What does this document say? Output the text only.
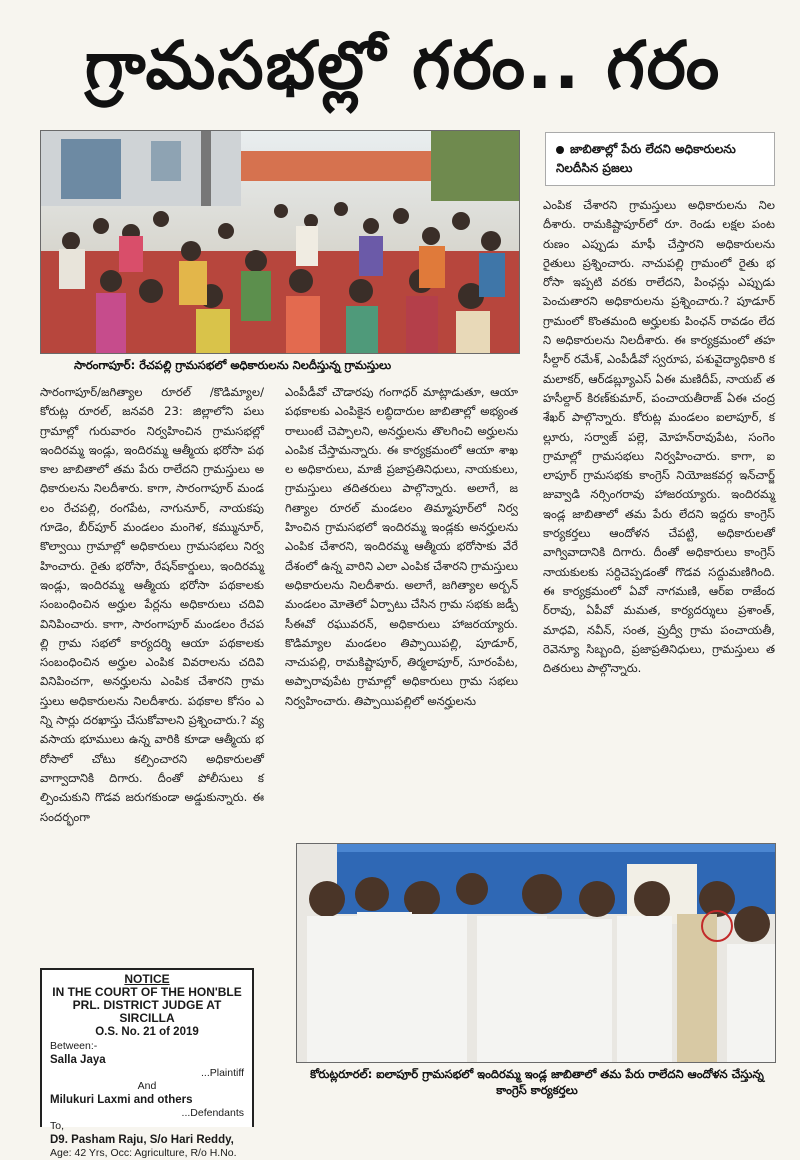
గ్రామసభల్లో గరం.. గరం
సారంగాపూర్: రేచపల్లి గ్రామసభలో అధికారులను నిలదీస్తున్న గ్రామస్తులు
జాబితాల్లో పేరు లేదని అధికారులను నిలదీసిన ప్రజలు
సారంగాపూర్/జగిత్యాల రూరల్ /కొడిమ్యాల/ కోరుట్ల రూరల్, జనవరి 23: జిల్లాలోని పలు గ్రామాల్లో గురువారం నిర్వహించిన గ్రామసభల్లో ఇందిరమ్మ ఇండ్లు, ఇందిరమ్మ ఆత్మీయ భరోసా పథకాల జాబితాలో తమ పేరు రాలేదని గ్రామస్తులు అధికారులను నిలదీశారు. కాగా, సారంగాపూర్ మండలం రేచపల్లి, రంగపేట, నాగునూర్, నాయకపు గూడెం, బీర్‌పూర్ మండలం మంగెళ, కమ్మునూర్, కొల్వాయి గ్రామాల్లో అధికారులు గ్రామసభలు నిర్వహించారు. రైతు భరోసా, రేషన్‌కార్డులు, ఇందిరమ్మ ఇండ్లు, ఇందిరమ్మ ఆత్మీయ భరోసా పథకాలకు సంబంధించిన అర్హుల పేర్లను అధికారులు చదివి వినిపించారు. కాగా, సారంగాపూర్ మండలం రేచపల్లి గ్రామ సభలో కార్యదర్శి ఆయా పథకాలకు సంబంధించిన అర్హుల ఎంపిక వివరాలను చదివి వినిపించగా, అనర్హులను ఎంపిక చేశారని గ్రామస్తులు అధికారులను నిలదీశారు. పథకాల కోసం ఎన్ని సార్లు దరఖాస్తు చేసుకోవాలని ప్రశ్నించారు.? వ్యవసాయ భూములు ఉన్న వారికి కూడా ఆత్మీయ భరోసాలో చోటు కల్పించారని అధికారులతో వాగ్వాదానికి దిగారు. దీంతో పోలీసులు కల్పించుకుని గొడవ జరుగకుండా అడ్డుకున్నారు. ఈ సందర్భంగా
ఎంపీడీవో చౌడారపు గంగాధర్ మాట్లాడుతూ, ఆయా పథకాలకు ఎంపికైన లబ్ధిదారుల జాబితాల్లో అభ్యంతరాలుంటే చెప్పాలని, అనర్హులను తొలగించి అర్హులను ఎంపిక చేస్తామన్నారు. ఈ కార్యక్రమంలో ఆయా శాఖల అధికారులు, మాజీ ప్రజాప్రతినిధులు, నాయకులు, గ్రామస్తులు తదితరులు పాల్గొన్నారు. అలాగే, జగిత్యాల రూరల్ మండలం తిమ్మాపూర్‌లో నిర్వహించిన గ్రామసభలో ఇందిరమ్మ ఇండ్లకు అనర్హులను ఎంపిక చేశారని, ఇందిరమ్మ ఆత్మీయ భరోసాకు వేరే దేశంలో ఉన్న వారిని ఎలా ఎంపిక చేశారని గ్రామస్తులు అధికారులను నిలదీశారు. అలాగే, జగిత్యాల అర్బన్ మండలం మోతెలో ఏర్పాటు చేసిన గ్రామ సభకు జడ్పీ సీఈవో రఘువరన్, అధికారులు హాజరయ్యారు. కొడిమ్యాల మండలం తిప్పాయిపల్లి, పూడూర్, నాచుపల్లి, రామకిష్టాపూర్, తిర్మలాపూర్, సూరంపేట, అప్పారావుపేట గ్రామాల్లో అధికారులు గ్రామ సభలు నిర్వహించారు. తిప్పాయిపల్లిలో అనర్హులను
ఎంపిక చేశారని గ్రామస్తులు అధికారులను నిలదీశారు. రామకిష్టాపూర్‌లో రూ. రెండు లక్షల పంట రుణం ఎప్పుడు మాఫీ చేస్తారని అధికారులను రైతులు ప్రశ్నించారు. నాచుపల్లి గ్రామంలో రైతు భరోసా ఇప్పటి వరకు రాలేదని, పింఛన్లు ఎప్పుడు పెంచుతారని అధికారులను ప్రశ్నించారు.? పూడూర్ గ్రామంలో కొంతమంది అర్హులకు పింఛన్ రావడం లేదని అధికారులను నిలదీశారు. ఈ కార్యక్రమంలో తహసీల్దార్ రమేశ్, ఎంపీడీవో స్వరూప, పశువైద్యాధికారి కమలాకర్, ఆర్‌డబ్ల్యూఎస్ ఏఈ మణిదీప్, నాయబ్ తహసీల్దార్ కిరణ్‌కుమార్, పంచాయతీరాజ్ ఏఈ చంద్రశేఖర్ పాల్గొన్నారు. కోరుట్ల మండలం ఐలాపూర్, కల్లూరు, సర్వాజ్ పల్లె, మోహన్‌రావుపేట, సంగెం గ్రామాల్లో గ్రామసభలు నిర్వహించారు. కాగా, ఐలాపూర్ గ్రామసభకు కాంగ్రెస్ నియోజకవర్గ ఇన్‌చార్జ్ జువ్వాడి నర్సింగరావు హాజరయ్యారు. ఇందిరమ్మ ఇండ్ల జాబితాలో తమ పేరు లేదని ఇద్దరు కాంగ్రెస్ కార్యకర్తలు ఆందోళన చేపట్టి, అధికారులతో వాగ్వివాదానికి దిగారు. దీంతో అధికారులు కాంగ్రెస్ నాయకులకు సర్దిచెప్పడంతో గొడవ సద్దుమణిగింది. ఈ కార్యక్రమంలో ఏవో నాగమణి, ఆర్ఐ రాజేందర్‌రావు, ఏపీవో మమత, కార్యదర్శులు ప్రశాంత్, మాధవి, నవీన్, సంత, ప్రుద్వీ గ్రామ పంచాయతీ, రెవెన్యూ సిబ్బంది, ప్రజాప్రతినిధులు, గ్రామస్తులు తదితరులు పాల్గొన్నారు.
కోరుట్లరూరల్: ఐలాపూర్ గ్రామసభలో ఇందిరమ్మ ఇండ్ల జాబితాలో తమ పేరు రాలేదని ఆందోళన చేస్తున్న కాంగ్రెస్ కార్యకర్తలు
NOTICE
IN THE COURT OF THE HON'BLE PRL. DISTRICT JUDGE AT SIRCILLA
O.S. No. 21 of 2019
Between:-
Salla Jaya
...Plaintiff
And
Milukuri Laxmi and others
...Defendants
To,
D9. Pasham Raju, S/o Hari Reddy,
Age: 42 Yrs, Occ: Agriculture, R/o H.No.
